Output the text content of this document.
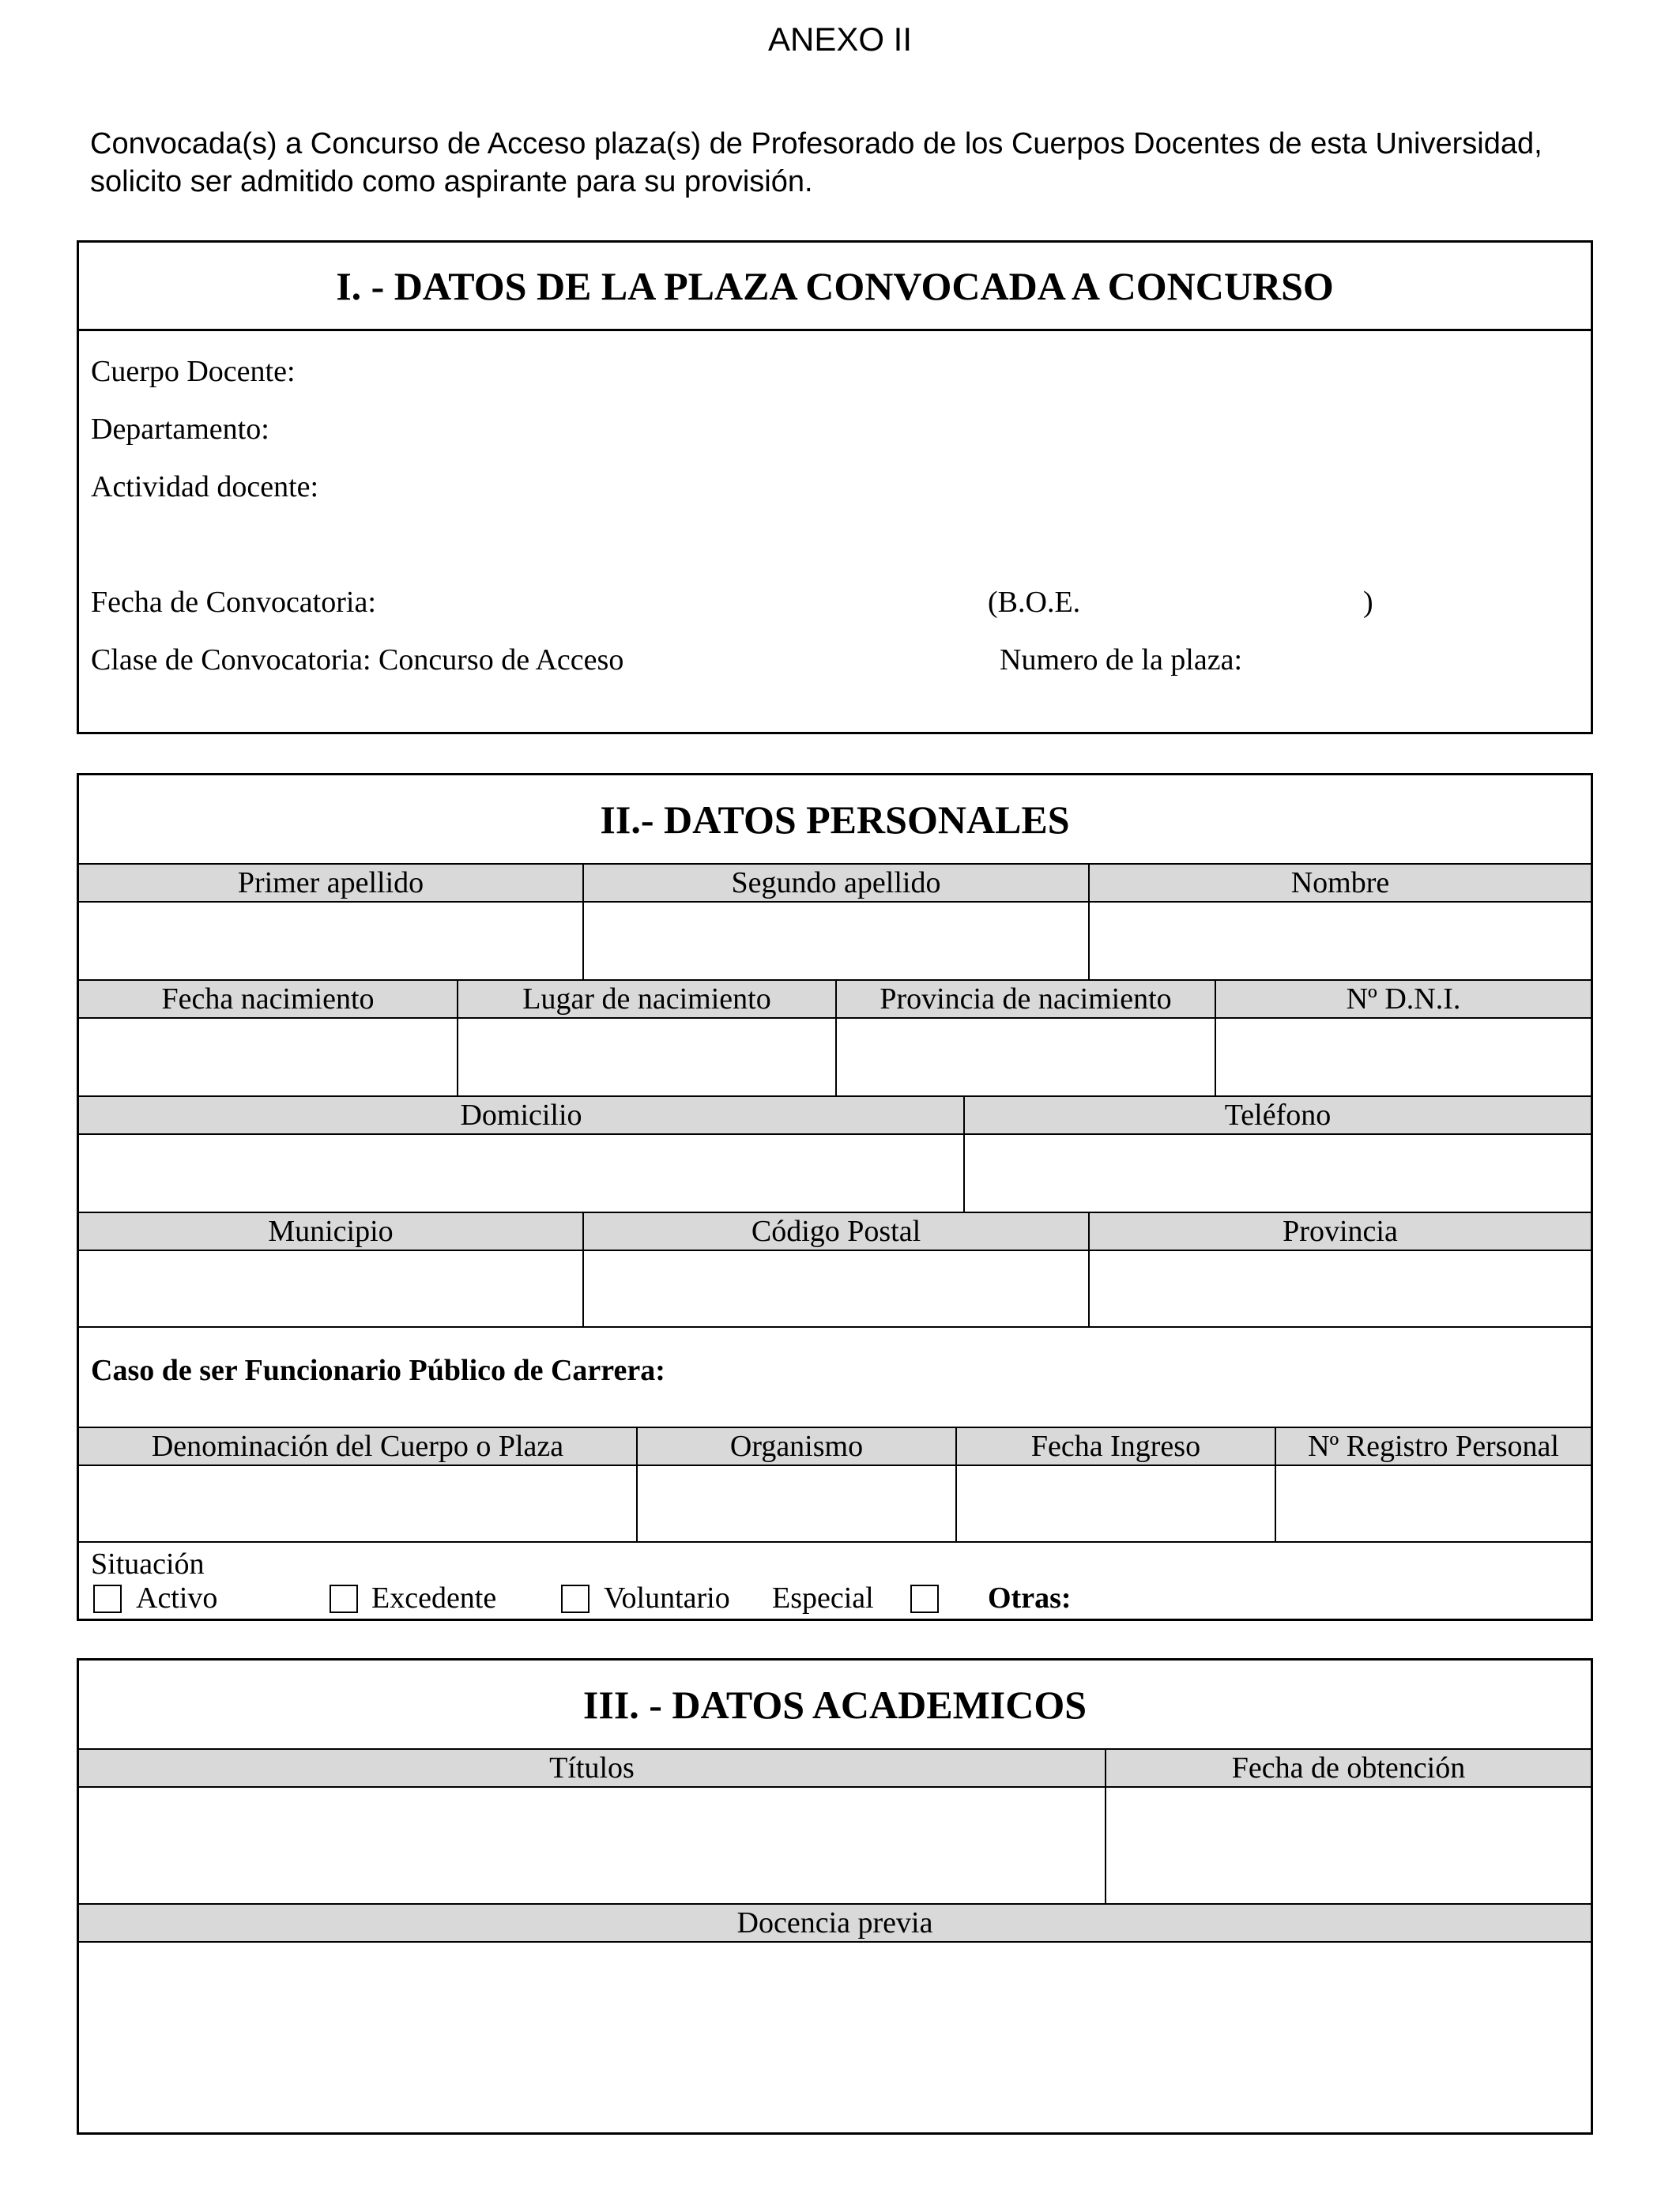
ANEXO II
Convocada(s) a Concurso de Acceso plaza(s) de Profesorado de los Cuerpos Docentes de esta Universidad, solicito ser admitido como aspirante para su provisión.
I. - DATOS DE LA PLAZA CONVOCADA A CONCURSO
Cuerpo Docente:
Departamento:
Actividad docente:
Fecha de Convocatoria:	(B.O.E.	)
Clase de Convocatoria: Concurso de Acceso	Numero de la plaza:
II.- DATOS PERSONALES
Primer apellido	Segundo apellido	Nombre
Fecha nacimiento	Lugar de nacimiento	Provincia de nacimiento	Nº D.N.I.
Domicilio	Teléfono
Municipio	Código Postal	Provincia
Caso de ser Funcionario Público de Carrera:
Denominación del Cuerpo o Plaza	Organismo	Fecha Ingreso	Nº Registro Personal
Situación
Activo	Excedente	Voluntario Especial	Otras:
III. - DATOS ACADEMICOS
Títulos	Fecha de obtención
Docencia previa
